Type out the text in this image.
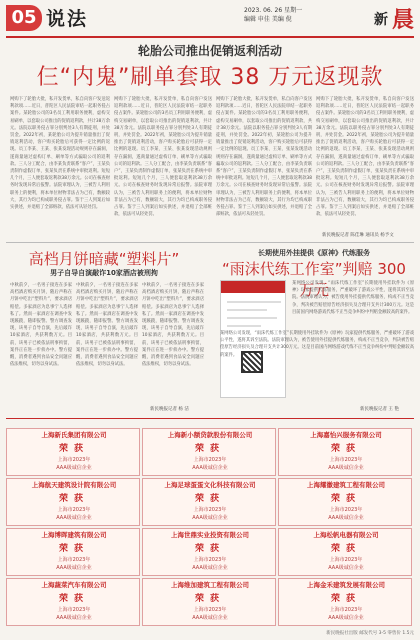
05 说法	2023. 06. 26 星期一
编辑 申佳 美编 倪	新 晨
轮胎公司推出促销返利活动
仨“内鬼”刷单套取 38 万元返现款
网购下了轮胎大批，私开发货单，私自向客户发送返利款项……近日，普陀区人民法院审结一起职务侵占案件。某轮胎公司的3名员工利用职务便利，虚构交易刷单，以套取公司推出的促销返利款，共计38万余元。法院以职务侵占罪分别判处3人有期徒刑，并处罚金。2022年初，某轮胎公司为提升销量推出了促销返利活动，客户购买轮胎后可获得一定比例的返现。员工李某、王某、张某发现活动规则存在漏洞，遂商量通过虚构订单、刷单等方式骗取公司的返利款。三人分工配合，由李某负责联系“客户”，王某负责制作虚假订单，张某负责在系统中审批返利。短短几个月，三人便套取返利款38万余元。公司在核查财务时发现异常后报警。法院审理认为，三被告人利用职务上的便利，将本单位财物非法占为己有，数额较大，其行为均已构成职务侵占罪。鉴于三人到案后如实供述，并退赔了全部赃款，依法可从轻处罚。
网购下了轮胎大批，私开发货单，私自向客户发送返利款项……近日，普陀区人民法院审结一起职务侵占案件。某轮胎公司的3名员工利用职务便利，虚构交易刷单，以套取公司推出的促销返利款，共计38万余元。法院以职务侵占罪分别判处3人有期徒刑，并处罚金。2022年初，某轮胎公司为提升销量推出了促销返利活动，客户购买轮胎后可获得一定比例的返现。员工李某、王某、张某发现活动规则存在漏洞，遂商量通过虚构订单、刷单等方式骗取公司的返利款。三人分工配合，由李某负责联系“客户”，王某负责制作虚假订单，张某负责在系统中审批返利。短短几个月，三人便套取返利款38万余元。公司在核查财务时发现异常后报警。法院审理认为，三被告人利用职务上的便利，将本单位财物非法占为己有，数额较大，其行为均已构成职务侵占罪。鉴于三人到案后如实供述，并退赔了全部赃款，依法可从轻处罚。
网购下了轮胎大批，私开发货单，私自向客户发送返利款项……近日，普陀区人民法院审结一起职务侵占案件。某轮胎公司的3名员工利用职务便利，虚构交易刷单，以套取公司推出的促销返利款，共计38万余元。法院以职务侵占罪分别判处3人有期徒刑，并处罚金。2022年初，某轮胎公司为提升销量推出了促销返利活动，客户购买轮胎后可获得一定比例的返现。员工李某、王某、张某发现活动规则存在漏洞，遂商量通过虚构订单、刷单等方式骗取公司的返利款。三人分工配合，由李某负责联系“客户”，王某负责制作虚假订单，张某负责在系统中审批返利。短短几个月，三人便套取返利款38万余元。公司在核查财务时发现异常后报警。法院审理认为，三被告人利用职务上的便利，将本单位财物非法占为己有，数额较大，其行为均已构成职务侵占罪。鉴于三人到案后如实供述，并退赔了全部赃款，依法可从轻处罚。
网购下了轮胎大批，私开发货单，私自向客户发送返利款项……近日，普陀区人民法院审结一起职务侵占案件。某轮胎公司的3名员工利用职务便利，虚构交易刷单，以套取公司推出的促销返利款，共计38万余元。法院以职务侵占罪分别判处3人有期徒刑，并处罚金。2022年初，某轮胎公司为提升销量推出了促销返利活动，客户购买轮胎后可获得一定比例的返现。员工李某、王某、张某发现活动规则存在漏洞，遂商量通过虚构订单、刷单等方式骗取公司的返利款。三人分工配合，由李某负责联系“客户”，王某负责制作虚假订单，张某负责在系统中审批返利。短短几个月，三人便套取返利款38万余元。公司在核查财务时发现异常后报警。法院审理认为，三被告人利用职务上的便利，将本单位财物非法占为己有，数额较大，其行为均已构成职务侵占罪。鉴于三人到案后如实供述，并退赔了全部赃款，依法可从轻处罚。
新民晚报记者 陈佳琳 通讯员 杨予文
高档月饼暗藏“塑料片”
男子自导自演敲诈10家酒店被刑拘
中秋前夕，一名男子接连在多家高档酒店购买月饼，随后声称在月饼中吃出“塑料片”，要求酒店赔偿。多家酒店为息事宁人选择私了。然而一家酒店在调查中发现蹊跷，随即报警。警方调查发现，该男子自导自演，先后敲诈10家酒店，共获利数万元。目前，该男子已被依法刑事拘留，案件正在进一步侦办中。警方提醒，消费者遇到食品安全问题应依法维权，切勿以身试法。
中秋前夕，一名男子接连在多家高档酒店购买月饼，随后声称在月饼中吃出“塑料片”，要求酒店赔偿。多家酒店为息事宁人选择私了。然而一家酒店在调查中发现蹊跷，随即报警。警方调查发现，该男子自导自演，先后敲诈10家酒店，共获利数万元。目前，该男子已被依法刑事拘留，案件正在进一步侦办中。警方提醒，消费者遇到食品安全问题应依法维权，切勿以身试法。
中秋前夕，一名男子接连在多家高档酒店购买月饼，随后声称在月饼中吃出“塑料片”，要求酒店赔偿。多家酒店为息事宁人选择私了。然而一家酒店在调查中发现蹊跷，随即报警。警方调查发现，该男子自导自演，先后敲诈10家酒店，共获利数万元。目前，该男子已被依法刑事拘留，案件正在进一步侦办中。警方提醒，消费者遇到食品安全问题应依法维权，切勿以身试法。
新民晚报记者 杨 洁
长期使用外挂提供《原神》代练服务
“雨沫代练工作室”判赔 300 万元
某网络公司发现，“雨沫代练工作室”长期使用外挂软件为《原神》玩家提供代练服务，严重破坏了游戏公平性，遂将其诉至法院。法院审理认为，被告使用外挂提供代练服务，构成不正当竞争，判决被告赔偿原告经济损失及合理开支共计300万元。这是目前国内网络游戏代练不正当竞争纠纷中判赔金额较高的案件。
某网络公司发现，“雨沫代练工作室”长期使用外挂软件为《原神》玩家提供代练服务，严重破坏了游戏公平性，遂将其诉至法院。法院审理认为，被告使用外挂提供代练服务，构成不正当竞争，判决被告赔偿原告经济损失及合理开支共计300万元。这是目前国内网络游戏代练不正当竞争纠纷中判赔金额较高的案件。
新民晚报记者 王 艳
上海新氏集团有限公司
荣获
上海市2023年
AAA级诚信企业
上海新小额贷款股份有限公司
荣获
上海市2023年
AAA级诚信企业
上海嘉怡兴服务有限公司
荣获
上海市2023年
AAA级诚信企业
上海航天建筑设计院有限公司
荣获
上海市2023年
AAA级诚信企业
上海足球蛋蛋文化科技有限公司
荣获
上海市2023年
AAA级诚信企业
上海耀徽建筑工程有限公司
荣获
上海市2023年
AAA级诚信企业
上海博晖建筑有限公司
荣获
上海市2023年
AAA级诚信企业
上海世鼎实业投资有限公司
荣获
上海市2023年
AAA级诚信企业
上海松帆电器有限公司
荣获
上海市2023年
AAA级诚信企业
上海蔬菜汽车有限公司
荣获
上海市2023年
AAA级诚信企业
上海维加建筑工程有限公司
荣获
上海市2023年
AAA级诚信企业
上海金禾建筑发展有限公司
荣获
上海市2023年
AAA级诚信企业
新民晚报社出版 邮发代号 3-5 零售价 1.5元
